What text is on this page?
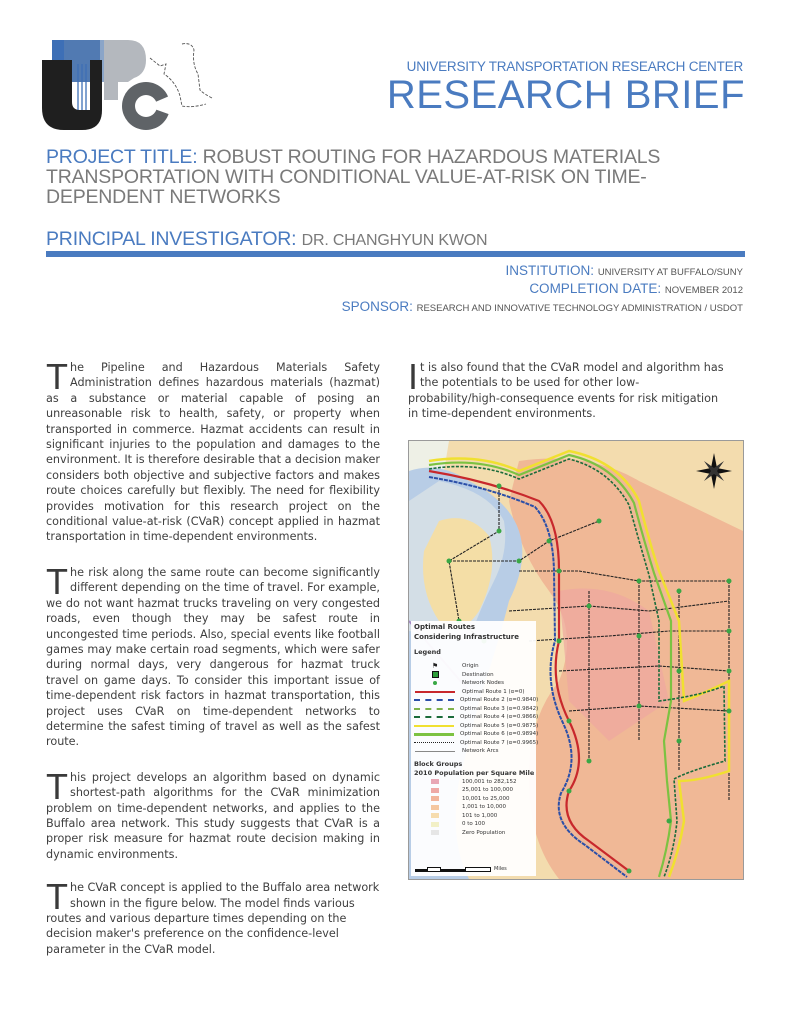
UNIVERSITY TRANSPORTATION RESEARCH CENTER
RESEARCH BRIEF
PROJECT TITLE: ROBUST ROUTING FOR HAZARDOUS MATERIALS TRANSPORTATION WITH CONDITIONAL VALUE-AT-RISK ON TIME-DEPENDENT NETWORKS
PRINCIPAL INVESTIGATOR: DR. CHANGHYUN KWON
INSTITUTION: UNIVERSITY AT BUFFALO/SUNY
COMPLETION DATE: NOVEMBER 2012
SPONSOR: RESEARCH AND INNOVATIVE TECHNOLOGY ADMINISTRATION / USDOT

The Pipeline and Hazardous Materials Safety Administration defines hazardous materials (hazmat) as a substance or material capable of posing an unreasonable risk to health, safety, or property when transported in commerce. Hazmat accidents can result in significant injuries to the population and damages to the environment. It is therefore desirable that a decision maker considers both objective and subjective factors and makes route choices carefully but flexibly. The need for flexibility provides motivation for this research project on the conditional value-at-risk (CVaR) concept applied in hazmat transportation in time-dependent environments.

The risk along the same route can become significantly different depending on the time of travel. For example, we do not want hazmat trucks traveling on very congested roads, even though they may be safest route in uncongested time periods. Also, special events like football games may make certain road segments, which were safer during normal days, very dangerous for hazmat truck travel on game days. To consider this important issue of time-dependent risk factors in hazmat transportation, this project uses CVaR on time-dependent networks to determine the safest timing of travel as well as the safest route.

This project develops an algorithm based on dynamic shortest-path algorithms for the CVaR minimization problem on time-dependent networks, and applies to the Buffalo area network. This study suggests that CVaR is a proper risk measure for hazmat route decision making in dynamic environments.

The CVaR concept is applied to the Buffalo area network shown in the figure below. The model finds various routes and various departure times depending on the decision maker's preference on the confidence-level parameter in the CVaR model.

It is also found that the CVaR model and algorithm has the potentials to be used for other low-probability/high-consequence events for risk mitigation in time-dependent environments.

Optimal Routes
Considering Infrastructure
Legend
⚑	Origin
Destination
Network Nodes
Optimal Route 1 (α=0)
Optimal Route 2 (α=0.9840)
Optimal Route 3 (α=0.9842)
Optimal Route 4 (α=0.9866)
Optimal Route 5 (α=0.9875)
Optimal Route 6 (α=0.9894)
Optimal Route 7 (α=0.9965)
Network Arcs
Block Groups
2010 Population per Square Mile
100,001 to 282,152
25,001 to 100,000
10,001 to 25,000
1,001 to 10,000
101 to 1,000
0 to 100
Zero Population
Miles
